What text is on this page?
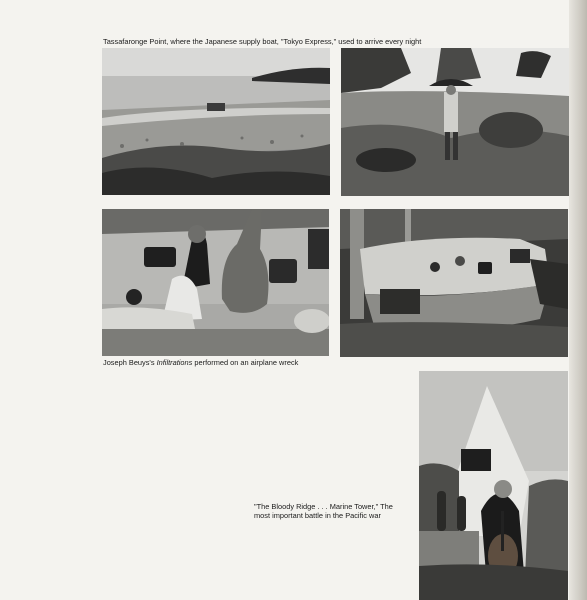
Tassafaronge Point, where the Japanese supply boat, "Tokyo Express," used to arrive every night
Joseph Beuys's Infiltrations performed on an airplane wreck
"The Bloody Ridge . . . Marine Tower," The
most important battle in the Pacific war
